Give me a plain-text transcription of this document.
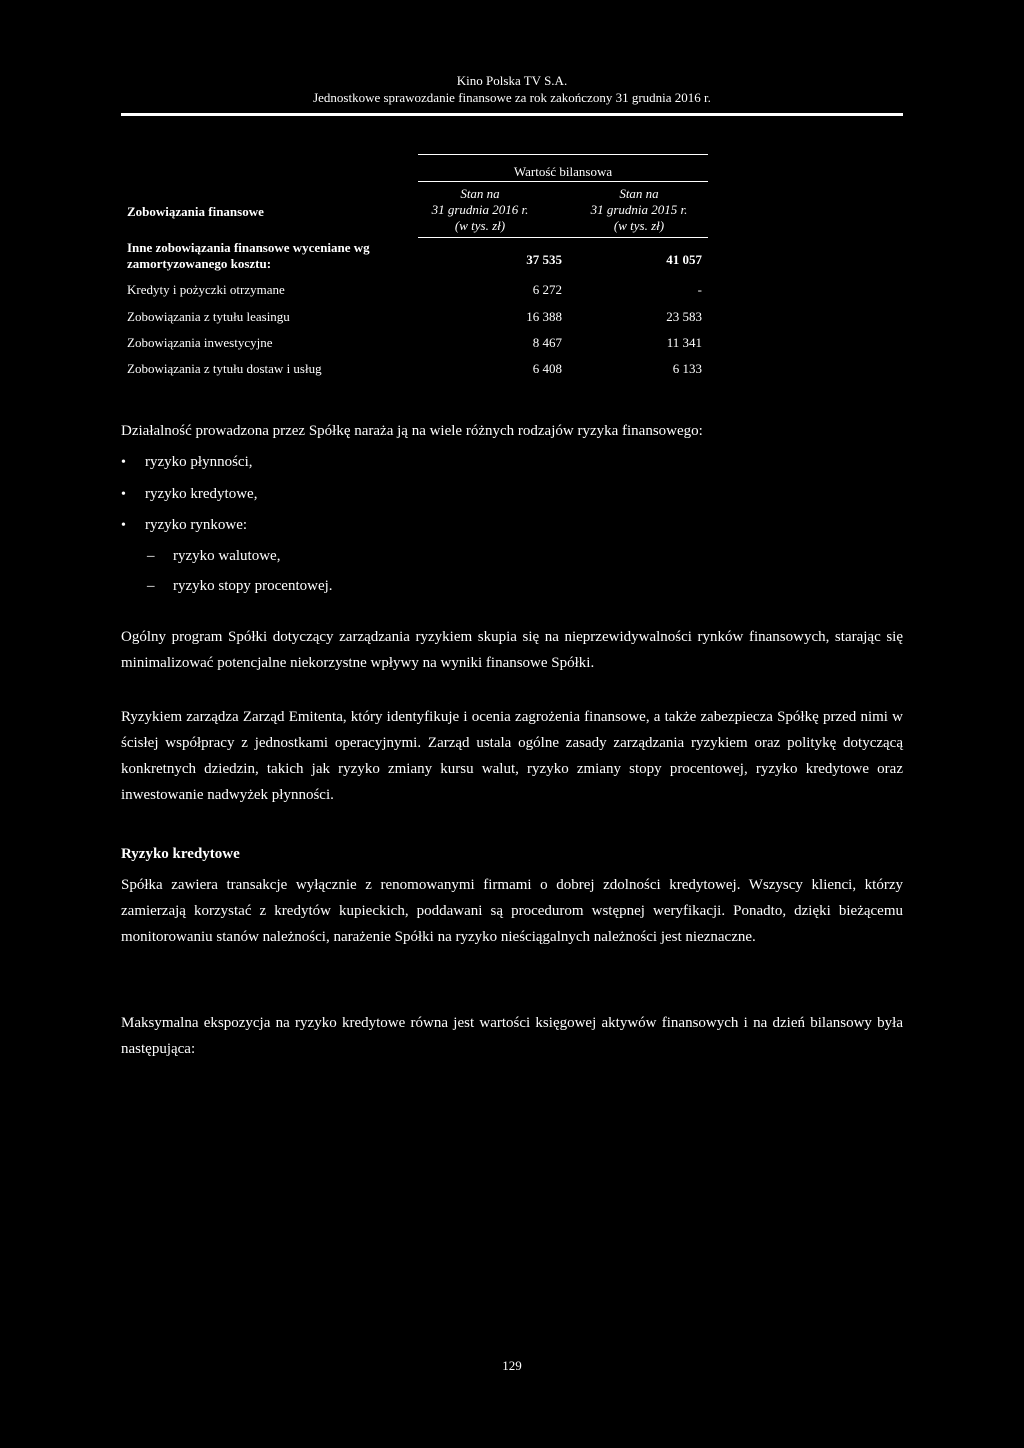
Kino Polska TV S.A.
Jednostkowe sprawozdanie finansowe za rok zakończony 31 grudnia 2016 r.
Wartość bilansowa
Zobowiązania finansowe
Stan na
31 grudnia 2016 r.
(w tys. zł)
Stan na
31 grudnia 2015 r.
(w tys. zł)
Inne zobowiązania finansowe wyceniane wg zamortyzowanego kosztu:	37 535	41 057
Kredyty i pożyczki otrzymane	6 272	-
Zobowiązania z tytułu leasingu	16 388	23 583
Zobowiązania inwestycyjne	8 467	11 341
Zobowiązania z tytułu dostaw i usług	6 408	6 133
Działalność prowadzona przez Spółkę naraża ją na wiele różnych rodzajów ryzyka finansowego:
• ryzyko płynności,
• ryzyko kredytowe,
• ryzyko rynkowe:
– ryzyko walutowe,
– ryzyko stopy procentowej.
Ogólny program Spółki dotyczący zarządzania ryzykiem skupia się na nieprzewidywalności rynków finansowych, starając się minimalizować potencjalne niekorzystne wpływy na wyniki finansowe Spółki.
Ryzykiem zarządza Zarząd Emitenta, który identyfikuje i ocenia zagrożenia finansowe, a także zabezpiecza Spółkę przed nimi w ścisłej współpracy z jednostkami operacyjnymi. Zarząd ustala ogólne zasady zarządzania ryzykiem oraz politykę dotyczącą konkretnych dziedzin, takich jak ryzyko zmiany kursu walut, ryzyko zmiany stopy procentowej, ryzyko kredytowe oraz inwestowanie nadwyżek płynności.
Ryzyko kredytowe
Spółka zawiera transakcje wyłącznie z renomowanymi firmami o dobrej zdolności kredytowej. Wszyscy klienci, którzy zamierzają korzystać z kredytów kupieckich, poddawani są procedurom wstępnej weryfikacji. Ponadto, dzięki bieżącemu monitorowaniu stanów należności, narażenie Spółki na ryzyko nieściągalnych należności jest nieznaczne.
Maksymalna ekspozycja na ryzyko kredytowe równa jest wartości księgowej aktywów finansowych i na dzień bilansowy była następująca:
129
